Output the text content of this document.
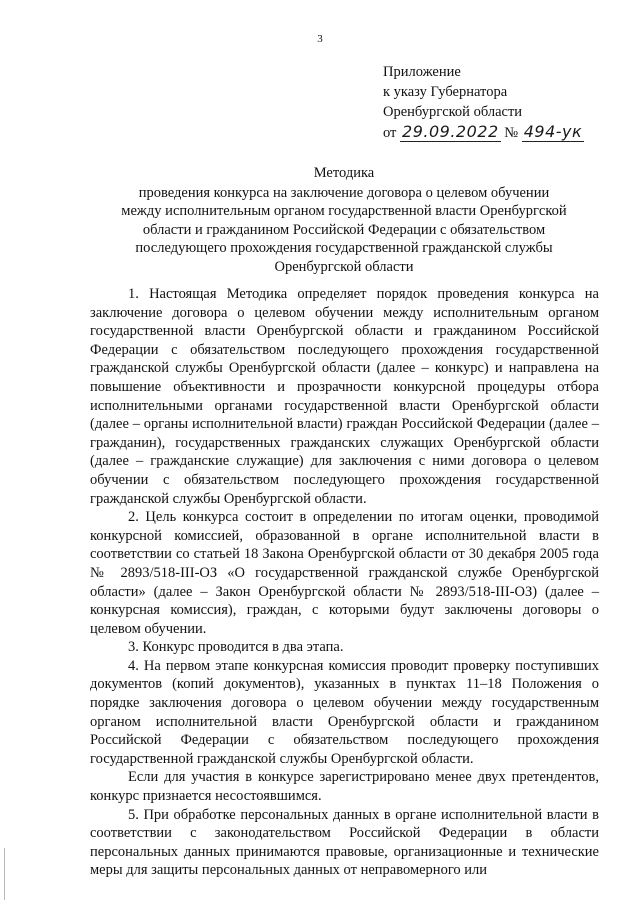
3
Приложение
к указу Губернатора
Оренбургской области
от 29.09.2022 № 494-ук
Методика
проведения конкурса на заключение договора о целевом обучении
между исполнительным органом государственной власти Оренбургской
области и гражданином Российской Федерации с обязательством
последующего прохождения государственной гражданской службы
Оренбургской области

1. Настоящая Методика определяет порядок проведения конкурса на заключение договора о целевом обучении между исполнительным органом государственной власти Оренбургской области и гражданином Российской Федерации с обязательством последующего прохождения государственной гражданской службы Оренбургской области (далее – конкурс) и направлена на повышение объективности и прозрачности конкурсной процедуры отбора исполнительными органами государственной власти Оренбургской области (далее – органы исполнительной власти) граждан Российской Федерации (далее – гражданин), государственных гражданских служащих Оренбургской области (далее – гражданские служащие) для заключения с ними договора о целевом обучении с обязательством последующего прохождения государственной гражданской службы Оренбургской области.

2. Цель конкурса состоит в определении по итогам оценки, проводимой конкурсной комиссией, образованной в органе исполнительной власти в соответствии со статьей 18 Закона Оренбургской области от 30 декабря 2005 года № 2893/518-III-ОЗ «О государственной гражданской службе Оренбургской области» (далее – Закон Оренбургской области № 2893/518-III-ОЗ) (далее – конкурсная комиссия), граждан, с которыми будут заключены договоры о целевом обучении.

3. Конкурс проводится в два этапа.

4. На первом этапе конкурсная комиссия проводит проверку поступивших документов (копий документов), указанных в пунктах 11–18 Положения о порядке заключения договора о целевом обучении между государственным органом исполнительной власти Оренбургской области и гражданином Российской Федерации с обязательством последующего прохождения государственной гражданской службы Оренбургской области.

Если для участия в конкурсе зарегистрировано менее двух претендентов, конкурс признается несостоявшимся.

5. При обработке персональных данных в органе исполнительной власти в соответствии с законодательством Российской Федерации в области персональных данных принимаются правовые, организационные и технические меры для защиты персональных данных от неправомерного или
